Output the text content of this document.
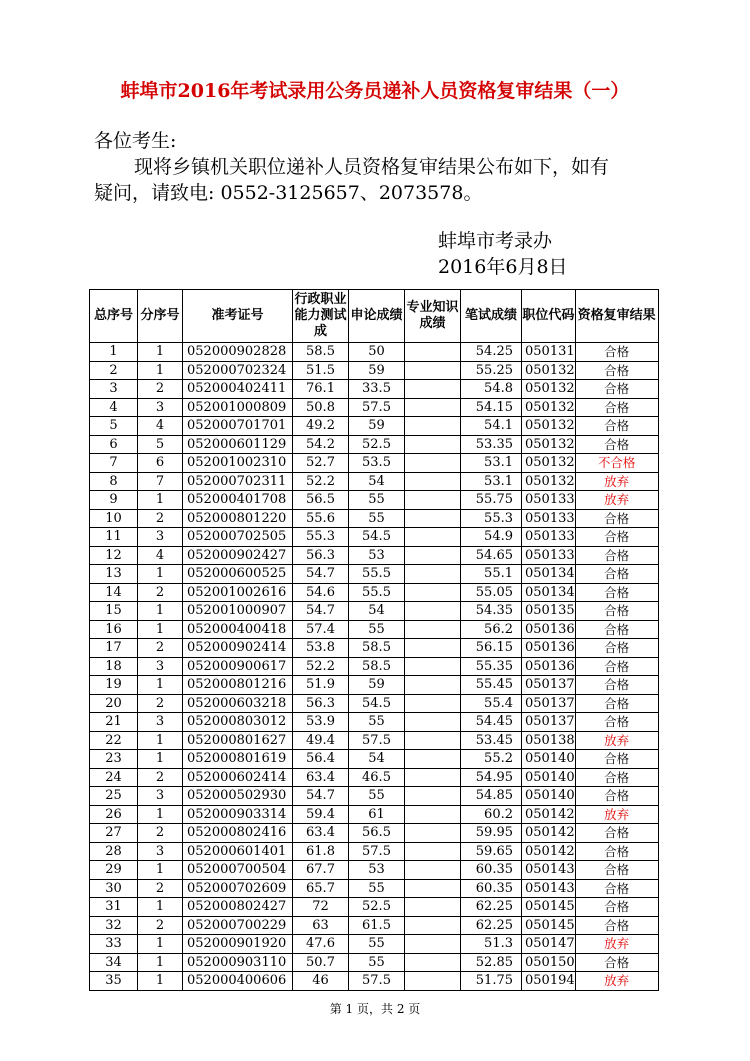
蚌埠市2016年考试录用公务员递补人员资格复审结果（一）
各位考生:
现将乡镇机关职位递补人员资格复审结果公布如下，如有
疑问，请致电: 0552-3125657、2073578。
蚌埠市考录办
2016年6月8日
总序号	分序号	准考证号	行政职业能力测试成	申论成绩	专业知识成绩	笔试成绩	职位代码	资格复审结果
1	1	052000902828	58.5	50		54.25	050131	合格
2	1	052000702324	51.5	59		55.25	050132	合格
3	2	052000402411	76.1	33.5		54.8	050132	合格
4	3	052001000809	50.8	57.5		54.15	050132	合格
5	4	052000701701	49.2	59		54.1	050132	合格
6	5	052000601129	54.2	52.5		53.35	050132	合格
7	6	052001002310	52.7	53.5		53.1	050132	不合格
8	7	052000702311	52.2	54		53.1	050132	放弃
9	1	052000401708	56.5	55		55.75	050133	放弃
10	2	052000801220	55.6	55		55.3	050133	合格
11	3	052000702505	55.3	54.5		54.9	050133	合格
12	4	052000902427	56.3	53		54.65	050133	合格
13	1	052000600525	54.7	55.5		55.1	050134	合格
14	2	052001002616	54.6	55.5		55.05	050134	合格
15	1	052001000907	54.7	54		54.35	050135	合格
16	1	052000400418	57.4	55		56.2	050136	合格
17	2	052000902414	53.8	58.5		56.15	050136	合格
18	3	052000900617	52.2	58.5		55.35	050136	合格
19	1	052000801216	51.9	59		55.45	050137	合格
20	2	052000603218	56.3	54.5		55.4	050137	合格
21	3	052000803012	53.9	55		54.45	050137	合格
22	1	052000801627	49.4	57.5		53.45	050138	放弃
23	1	052000801619	56.4	54		55.2	050140	合格
24	2	052000602414	63.4	46.5		54.95	050140	合格
25	3	052000502930	54.7	55		54.85	050140	合格
26	1	052000903314	59.4	61		60.2	050142	放弃
27	2	052000802416	63.4	56.5		59.95	050142	合格
28	3	052000601401	61.8	57.5		59.65	050142	合格
29	1	052000700504	67.7	53		60.35	050143	合格
30	2	052000702609	65.7	55		60.35	050143	合格
31	1	052000802427	72	52.5		62.25	050145	合格
32	2	052000700229	63	61.5		62.25	050145	合格
33	1	052000901920	47.6	55		51.3	050147	放弃
34	1	052000903110	50.7	55		52.85	050150	合格
35	1	052000400606	46	57.5		51.75	050194	放弃
第 1 页，共 2 页
